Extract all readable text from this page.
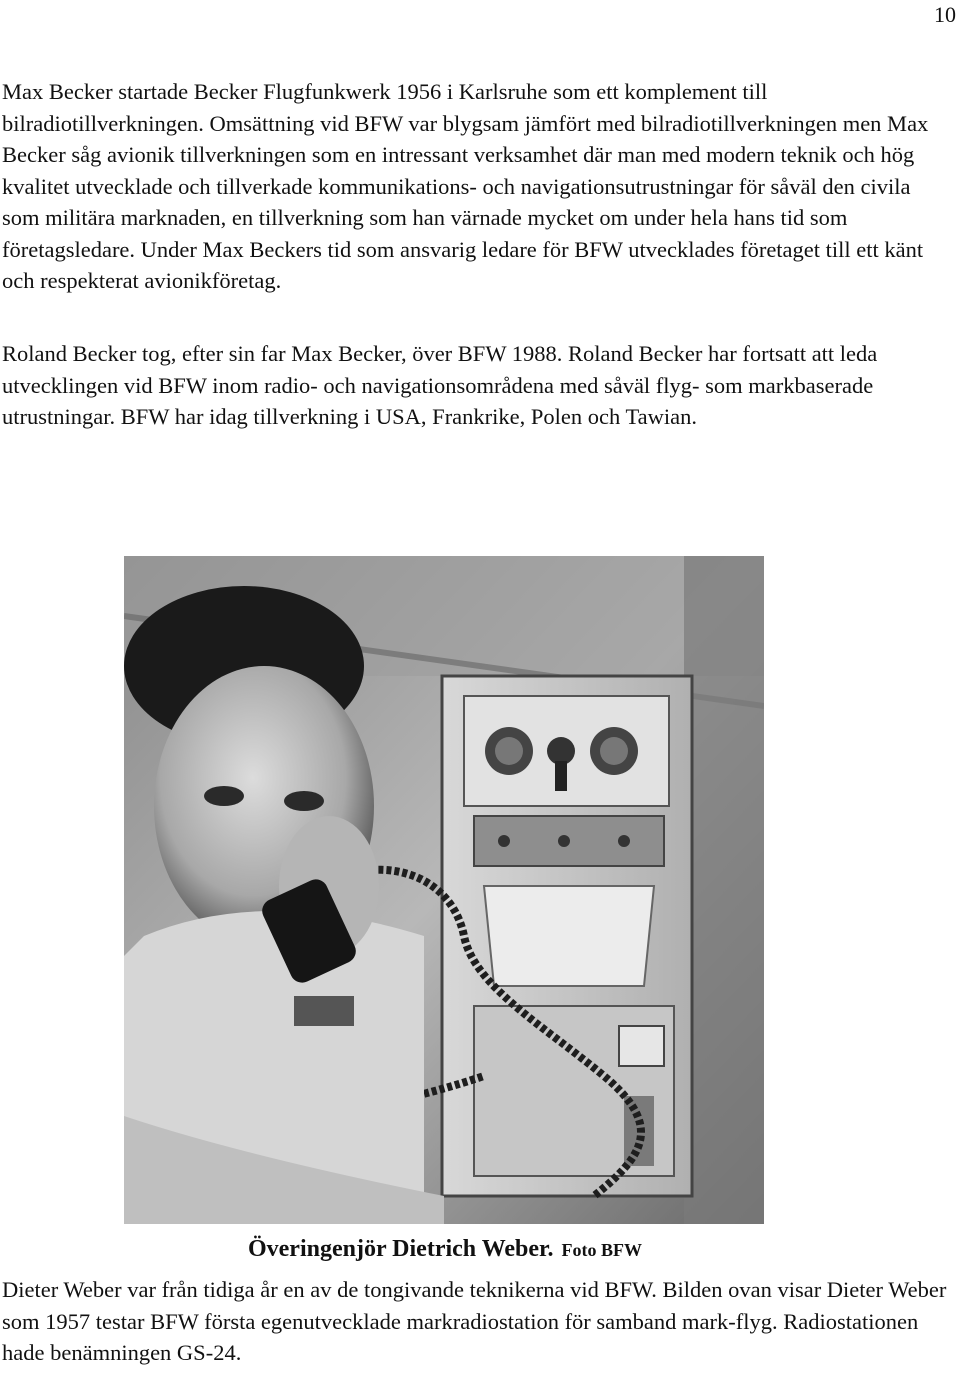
10

Max Becker startade Becker Flugfunkwerk 1956 i Karlsruhe som ett komplement till bilradiotillverkningen. Omsättning vid BFW var blygsam jämfört med bilradiotillverkningen men Max Becker såg avionik tillverkningen som en intressant verksamhet där man med modern teknik och hög kvalitet utvecklade och tillverkade kommunikations- och navigationsutrustningar för såväl den civila som militära marknaden, en tillverkning som han värnade mycket om under hela hans tid som företagsledare. Under Max Beckers tid som ansvarig ledare för BFW utvecklades företaget till ett känt och respekterat avionikföretag.

Roland Becker tog, efter sin far Max Becker, över BFW 1988. Roland Becker har fortsatt att leda utvecklingen vid BFW inom radio- och navigationsområdena med såväl flyg- som markbaserade utrustningar. BFW har idag tillverkning i USA, Frankrike, Polen och Tawian.

Överingenjör Dietrich Weber. Foto BFW

Dieter Weber var från tidiga år en av de tongivande teknikerna vid BFW. Bilden ovan visar Dieter Weber som 1957 testar BFW första egenutvecklade markradiostation för samband mark-flyg. Radiostationen hade benämningen GS-24.
